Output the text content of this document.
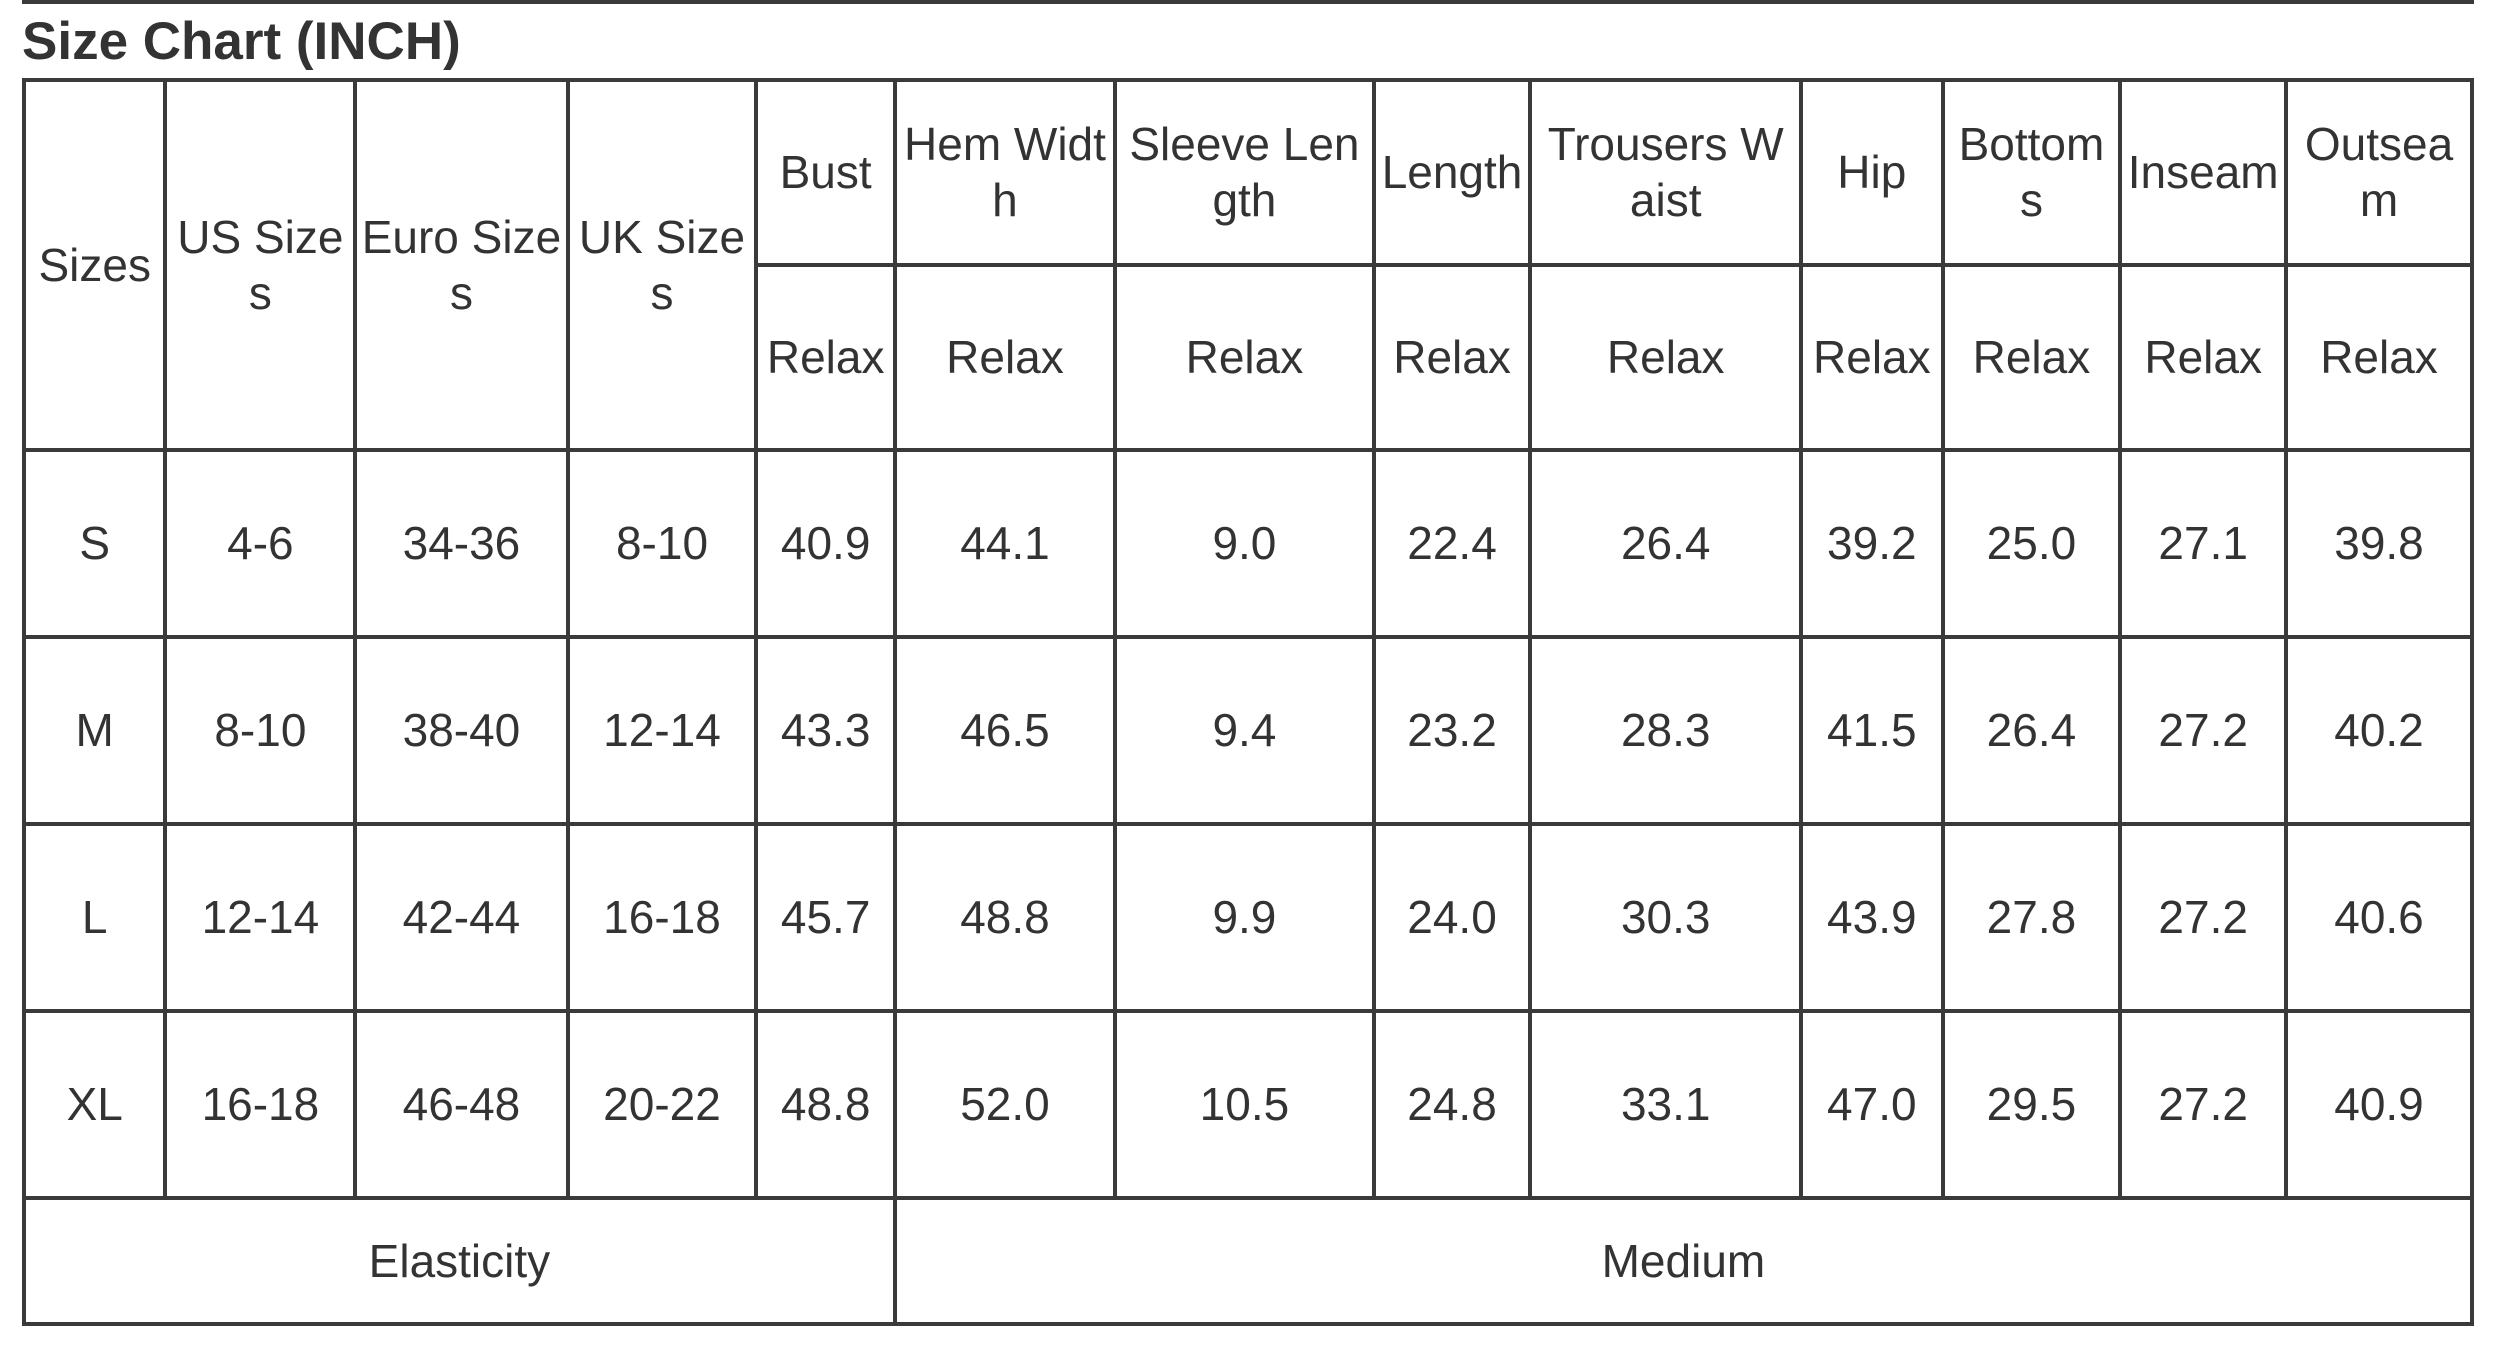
Size Chart (INCH)
Sizes	US Sizes	Euro Sizes	UK Sizes	Bust	Hem Width	Sleeve Length	Length	Trousers Waist	Hip	Bottoms	Inseam	Outseam
				Relax	Relax	Relax	Relax	Relax	Relax	Relax	Relax	Relax
S	4-6	34-36	8-10	40.9	44.1	9.0	22.4	26.4	39.2	25.0	27.1	39.8
M	8-10	38-40	12-14	43.3	46.5	9.4	23.2	28.3	41.5	26.4	27.2	40.2
L	12-14	42-44	16-18	45.7	48.8	9.9	24.0	30.3	43.9	27.8	27.2	40.6
XL	16-18	46-48	20-22	48.8	52.0	10.5	24.8	33.1	47.0	29.5	27.2	40.9
Elasticity					Medium							
